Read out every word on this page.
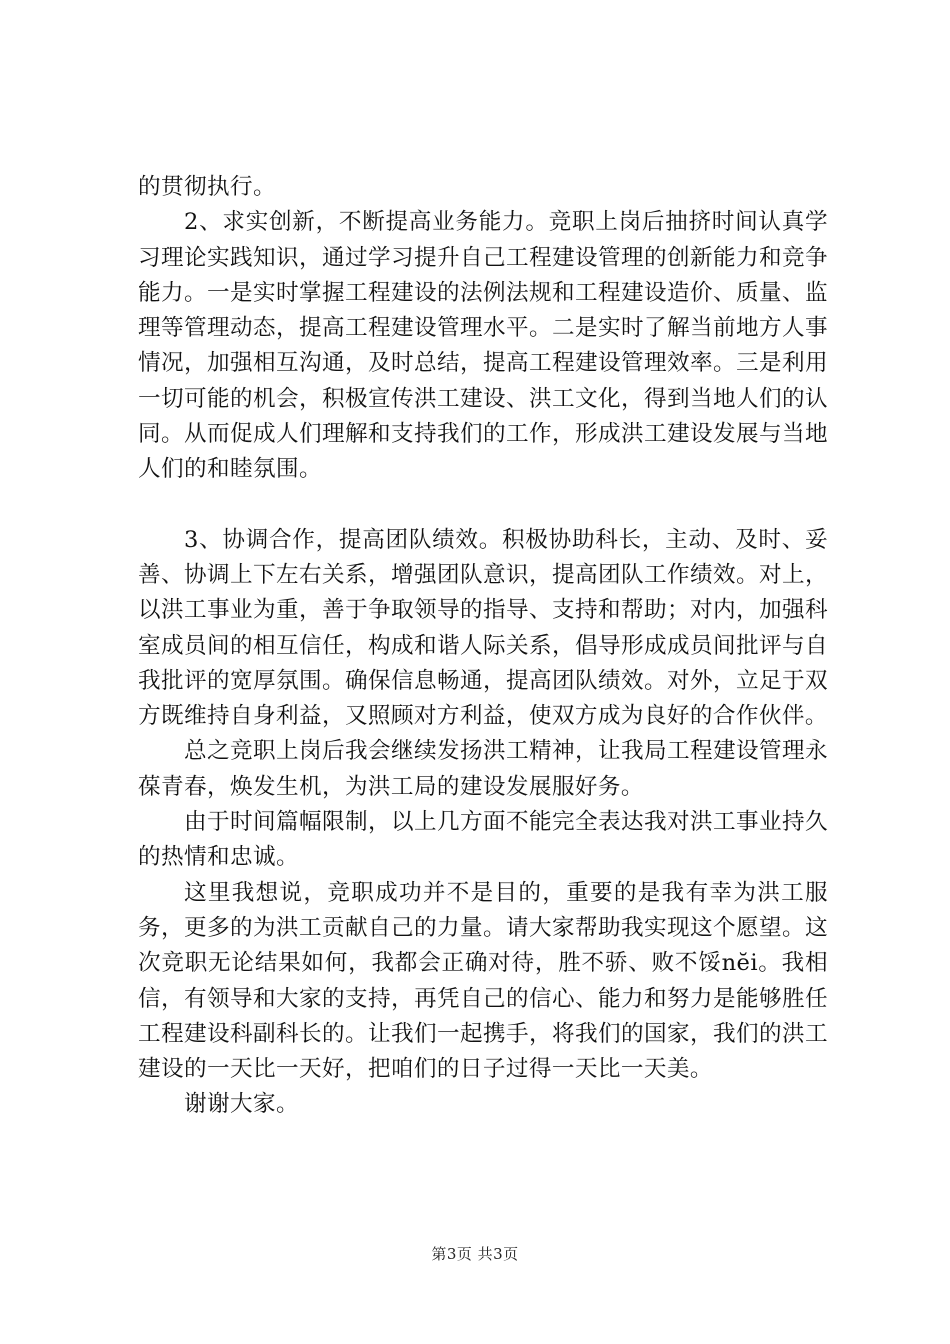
的贯彻执行。

2、求实创新，不断提高业务能力。竞职上岗后抽挤时间认真学习理论实践知识，通过学习提升自己工程建设管理的创新能力和竞争能力。一是实时掌握工程建设的法例法规和工程建设造价、质量、监理等管理动态，提高工程建设管理水平。二是实时了解当前地方人事情况，加强相互沟通，及时总结，提高工程建设管理效率。三是利用一切可能的机会，积极宣传洪工建设、洪工文化，得到当地人们的认同。从而促成人们理解和支持我们的工作，形成洪工建设发展与当地人们的和睦氛围。

3、协调合作，提高团队绩效。积极协助科长，主动、及时、妥善、协调上下左右关系，增强团队意识，提高团队工作绩效。对上，以洪工事业为重，善于争取领导的指导、支持和帮助；对内，加强科室成员间的相互信任，构成和谐人际关系，倡导形成成员间批评与自我批评的宽厚氛围。确保信息畅通，提高团队绩效。对外，立足于双方既维持自身利益，又照顾对方利益，使双方成为良好的合作伙伴。

总之竞职上岗后我会继续发扬洪工精神，让我局工程建设管理永葆青春，焕发生机，为洪工局的建设发展服好务。

由于时间篇幅限制，以上几方面不能完全表达我对洪工事业持久的热情和忠诚。

这里我想说，竞职成功并不是目的，重要的是我有幸为洪工服务，更多的为洪工贡献自己的力量。请大家帮助我实现这个愿望。这次竞职无论结果如何，我都会正确对待，胜不骄、败不馁nĕi。我相信，有领导和大家的支持，再凭自己的信心、能力和努力是能够胜任工程建设科副科长的。让我们一起携手，将我们的国家，我们的洪工建设的一天比一天好，把咱们的日子过得一天比一天美。

谢谢大家。

第3页 共3页
